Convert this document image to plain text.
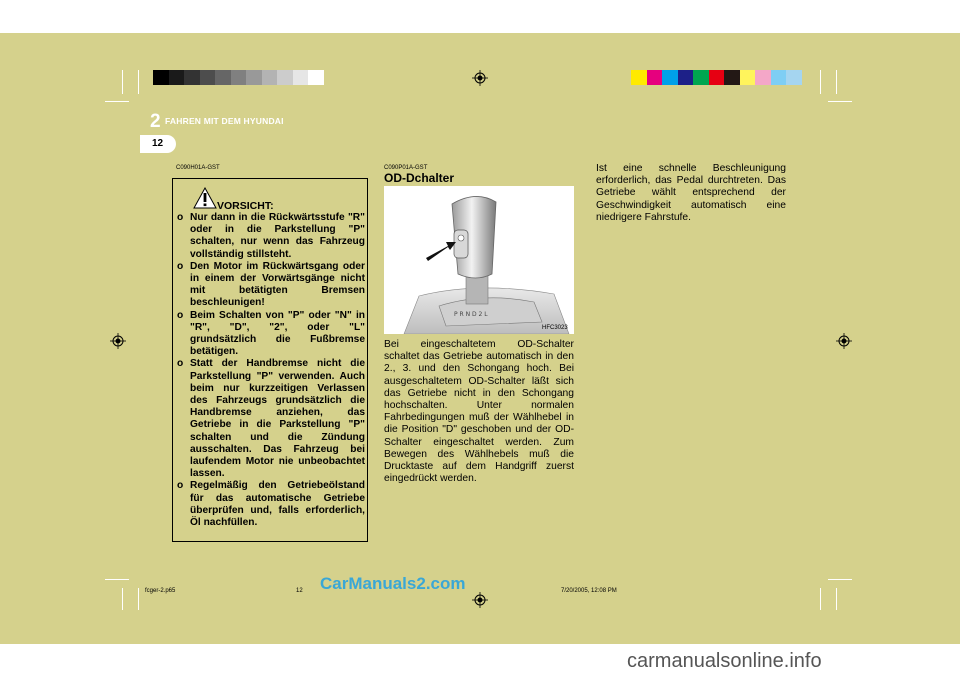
2 FAHREN MIT DEM HYUNDAI
12
C090H01A-GST
VORSICHT:
o Nur dann in die Rückwärtsstufe "R" oder in die Parkstellung "P" schalten, nur wenn das Fahrzeug vollständig stillsteht.
o Den Motor im Rückwärtsgang oder in einem der Vorwärtsgänge nicht mit betätigten Bremsen beschleunigen!
o Beim Schalten von "P" oder "N" in "R", "D", "2", oder "L" grundsätzlich die Fußbremse betätigen.
o Statt der Handbremse nicht die Parkstellung "P" verwenden. Auch beim nur kurzzeitigen Verlassen des Fahrzeugs grundsätzlich die Handbremse anziehen, das Getriebe in die Parkstellung "P" schalten und die Zündung ausschalten. Das Fahrzeug bei laufendem Motor nie unbeobachtet lassen.
o Regelmäßig den Getriebeölstand für das automatische Getriebe überprüfen und, falls erforderlich, Öl nachfüllen.
C090P01A-GST
OD-Dchalter
P R N D 2 L
HFC3023

Bei eingeschaltetem OD-Schalter schaltet das Getriebe automatisch in den 2., 3. und den Schongang hoch. Bei ausgeschaltetem OD-Schalter läßt sich das Getriebe nicht in den Schongang hochschalten. Unter normalen Fahrbedingungen muß der Wählhebel in die Position "D" geschoben und der OD-Schalter eingeschaltet werden. Zum Bewegen des Wählhebels muß die Drucktaste auf dem Handgriff zuerst eingedrückt werden.

Ist eine schnelle Beschleunigung erforderlich, das Pedal durchtreten. Das Getriebe wählt entsprechend der Geschwindigkeit automatisch eine niedrigere Fahrstufe.

fcger-2.p65	12	7/20/2005, 12:08 PM
CarManuals2.com
carmanualsonline.info
